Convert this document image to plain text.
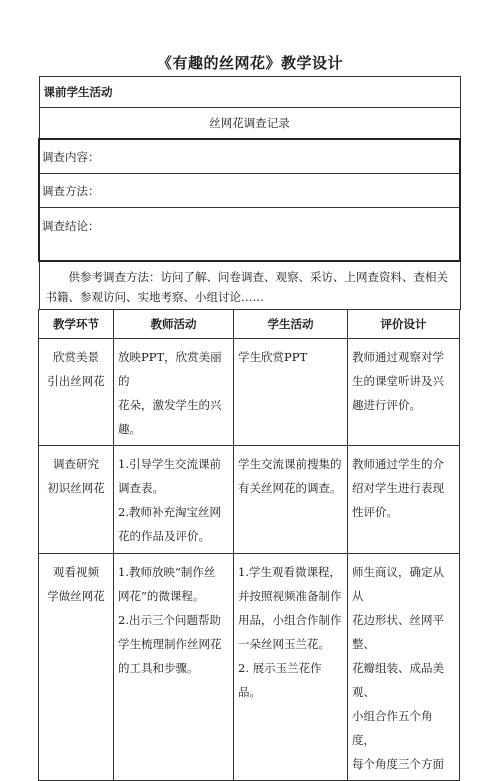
《有趣的丝网花》教学设计
课前学生活动
丝网花调查记录
调查内容：
调查方法：
调查结论：
供参考调查方法：访问了解、问卷调查、观察、采访、上网查资料、查相关书籍、参观访问、实地考察、小组讨论……
教学环节	教师活动	学生活动	评价设计

欣赏美景
引出丝网花	放映PPT，欣赏美丽的
花朵，激发学生的兴
趣。	学生欣赏PPT	教师通过观察对学
生的课堂听讲及兴
趣进行评价。

调查研究
初识丝网花	1.引导学生交流课前
调查表。
2.教师补充淘宝丝网
花的作品及评价。	学生交流课前搜集的
有关丝网花的调查。	教师通过学生的介
绍对学生进行表现
性评价。

观看视频
学做丝网花	1.教师放映“制作丝
网花”的微课程。
2.出示三个问题帮助
学生梳理制作丝网花
的工具和步骤。	1.学生观看微课程，
并按照视频准备制作
用品，小组合作制作
一朵丝网玉兰花。
2. 展示玉兰花作品。	师生商议，确定从从
花边形状、丝网平整、
花瓣组装、成品美观、
小组合作五个角度，
每个角度三个方面
